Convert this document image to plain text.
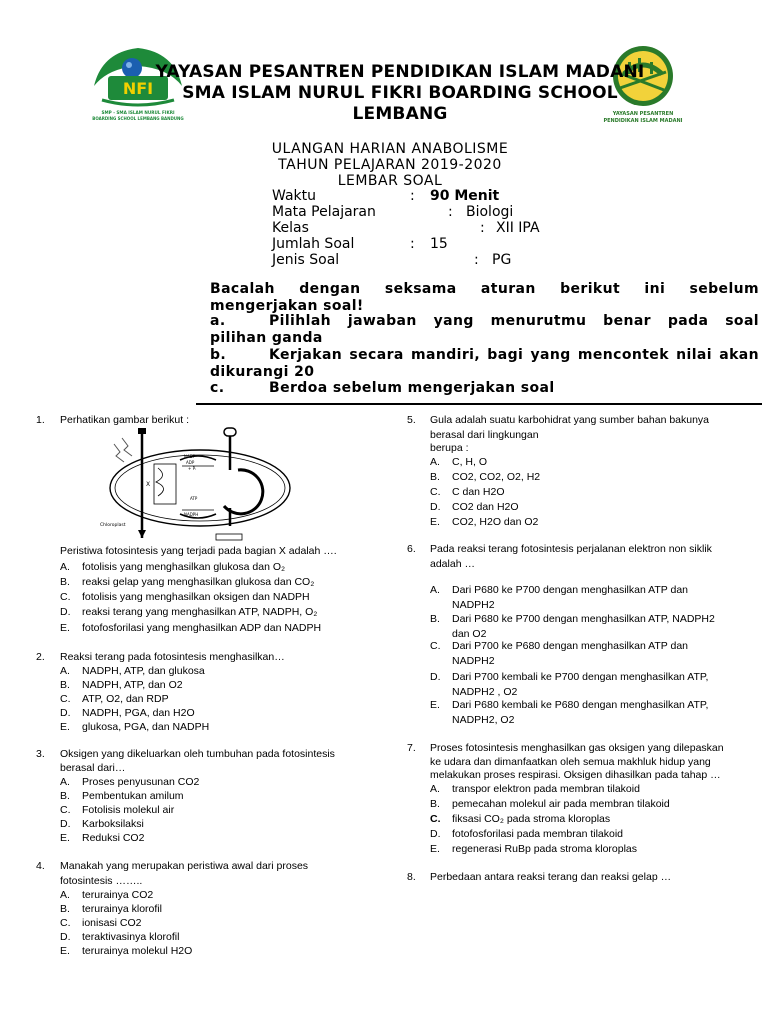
NFI
SMP - SMA ISLAM NURUL FIKRI
BOARDING SCHOOL LEMBANG BANDUNG
YAYASAN PESANTREN
PENDIDIKAN ISLAM MADANI
YAYASAN PESANTREN PENDIDIKAN ISLAM MADANI
SMA ISLAM NURUL FIKRI BOARDING SCHOOL
LEMBANG
ULANGAN HARIAN ANABOLISME
TAHUN PELAJARAN 2019-2020
LEMBAR SOAL
Waktu	: 90 Menit
Mata Pelajaran	: Biologi
Kelas	: XII IPA
Jumlah Soal	: 15
Jenis Soal	: PG
Bacalah dengan seksama aturan berikut ini sebelum
mengerjakan soal!
a.	Pilihlah jawaban yang menurutmu benar pada soal
pilihan ganda
b.	Kerjakan secara mandiri, bagi yang mencontek nilai akan
dikurangi 20
c.	Berdoa sebelum mengerjakan soal
1. Perhatikan gambar berikut :
X
Chloroplast
NADP⁺
ADP
+ Pᵢ
ATP
NADPH
Peristiwa fotosintesis yang terjadi pada bagian X adalah ….
A. fotolisis yang menghasilkan glukosa dan O₂
B. reaksi gelap yang menghasilkan glukosa dan CO₂
C. fotolisis yang menghasilkan oksigen dan NADPH
D. reaksi terang yang menghasilkan ATP, NADPH, O₂
E. fotofosforilasi yang menghasilkan ADP dan NADPH
2. Reaksi terang pada fotosintesis menghasilkan…
A. NADPH, ATP, dan glukosa
B. NADPH, ATP, dan O2
C. ATP, O2, dan RDP
D. NADPH, PGA, dan H2O
E. glukosa, PGA, dan NADPH
3. Oksigen yang dikeluarkan oleh tumbuhan pada fotosintesis
berasal dari…
A. Proses penyusunan CO2
B. Pembentukan amilum
C. Fotolisis molekul air
D. Karboksilaksi
E. Reduksi CO2
4. Manakah yang merupakan peristiwa awal dari proses
fotosintesis ……..
A. terurainya CO2
B. terurainya klorofil
C. ionisasi CO2
D. teraktivasinya klorofil
E. terurainya molekul H2O
5. Gula adalah suatu karbohidrat yang sumber bahan bakunya
berasal dari lingkungan
berupa :
A. C, H, O
B. CO2, CO2, O2, H2
C. C dan H2O
D. CO2 dan H2O
E. CO2, H2O dan O2
6. Pada reaksi terang fotosintesis perjalanan elektron non siklik
adalah …
A. Dari P680 ke P700 dengan menghasilkan ATP dan
NADPH2
B. Dari P680 ke P700 dengan menghasilkan ATP, NADPH2
dan O2
C. Dari P700 ke P680 dengan menghasilkan ATP dan
NADPH2
D. Dari P700 kembali ke P700 dengan menghasilkan ATP,
NADPH2 , O2
E. Dari P680 kembali ke P680 dengan menghasilkan ATP,
NADPH2, O2
7. Proses fotosintesis menghasilkan gas oksigen yang dilepaskan
ke udara dan dimanfaatkan oleh semua makhluk hidup yang
melakukan proses respirasi. Oksigen dihasilkan pada tahap …
A. transpor elektron pada membran tilakoid
B. pemecahan molekul air pada membran tilakoid
C. fiksasi CO₂ pada stroma kloroplas
D. fotofosforilasi pada membran tilakoid
E. regenerasi RuBp pada stroma kloroplas
8. Perbedaan antara reaksi terang dan reaksi gelap …
